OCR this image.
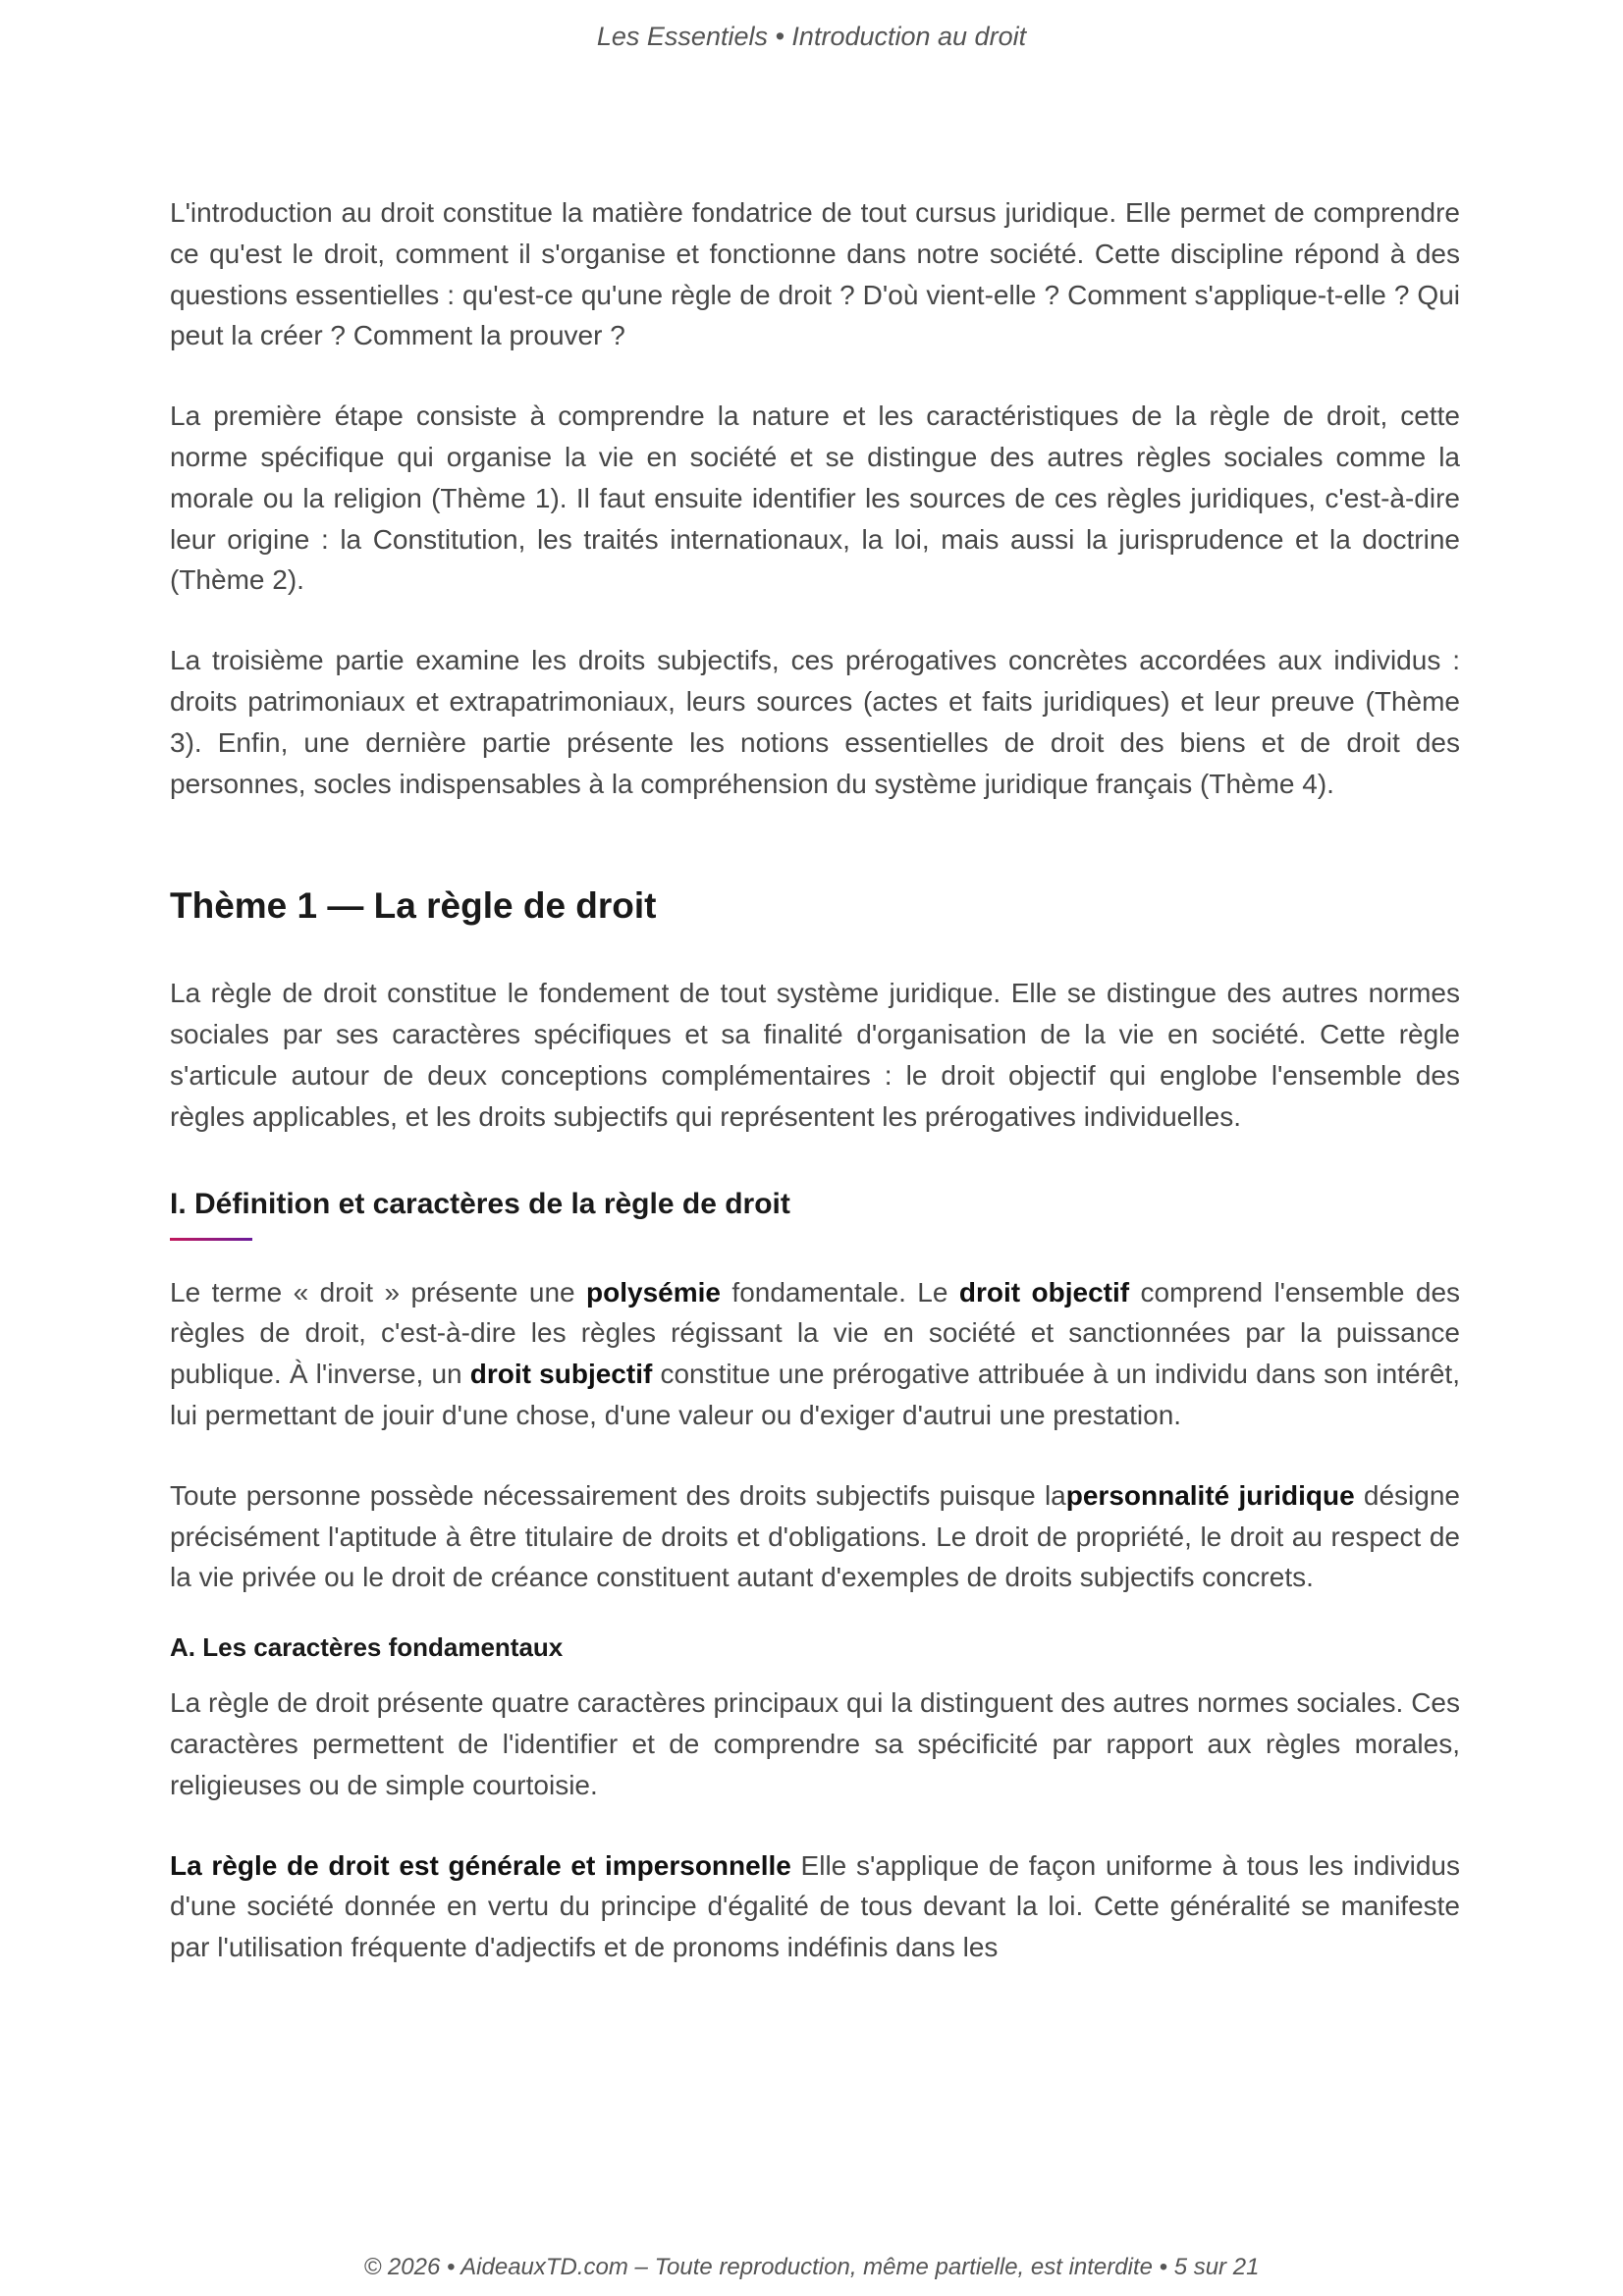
Les Essentiels • Introduction au droit

L'introduction au droit constitue la matière fondatrice de tout cursus juridique. Elle permet de comprendre ce qu'est le droit, comment il s'organise et fonctionne dans notre société. Cette discipline répond à des questions essentielles : qu'est-ce qu'une règle de droit ? D'où vient-elle ? Comment s'applique-t-elle ? Qui peut la créer ? Comment la prouver ?

La première étape consiste à comprendre la nature et les caractéristiques de la règle de droit, cette norme spécifique qui organise la vie en société et se distingue des autres règles sociales comme la morale ou la religion (Thème 1). Il faut ensuite identifier les sources de ces règles juridiques, c'est-à-dire leur origine : la Constitution, les traités internationaux, la loi, mais aussi la jurisprudence et la doctrine (Thème 2).

La troisième partie examine les droits subjectifs, ces prérogatives concrètes accordées aux individus : droits patrimoniaux et extrapatrimoniaux, leurs sources (actes et faits juridiques) et leur preuve (Thème 3). Enfin, une dernière partie présente les notions essentielles de droit des biens et de droit des personnes, socles indispensables à la compréhension du système juridique français (Thème 4).

Thème 1 — La règle de droit

La règle de droit constitue le fondement de tout système juridique. Elle se distingue des autres normes sociales par ses caractères spécifiques et sa finalité d'organisation de la vie en société. Cette règle s'articule autour de deux conceptions complémentaires : le droit objectif qui englobe l'ensemble des règles applicables, et les droits subjectifs qui représentent les prérogatives individuelles.

I. Définition et caractères de la règle de droit

Le terme « droit » présente une polysémie fondamentale. Le droit objectif comprend l'ensemble des règles de droit, c'est-à-dire les règles régissant la vie en société et sanctionnées par la puissance publique. À l'inverse, un droit subjectif constitue une prérogative attribuée à un individu dans son intérêt, lui permettant de jouir d'une chose, d'une valeur ou d'exiger d'autrui une prestation.

Toute personne possède nécessairement des droits subjectifs puisque lapersonnalité juridique désigne précisément l'aptitude à être titulaire de droits et d'obligations. Le droit de propriété, le droit au respect de la vie privée ou le droit de créance constituent autant d'exemples de droits subjectifs concrets.

A. Les caractères fondamentaux

La règle de droit présente quatre caractères principaux qui la distinguent des autres normes sociales. Ces caractères permettent de l'identifier et de comprendre sa spécificité par rapport aux règles morales, religieuses ou de simple courtoisie.

La règle de droit est générale et impersonnelle Elle s'applique de façon uniforme à tous les individus d'une société donnée en vertu du principe d'égalité de tous devant la loi. Cette généralité se manifeste par l'utilisation fréquente d'adjectifs et de pronoms indéfinis dans les

© 2026 • AideauxTD.com – Toute reproduction, même partielle, est interdite • 5 sur 21
